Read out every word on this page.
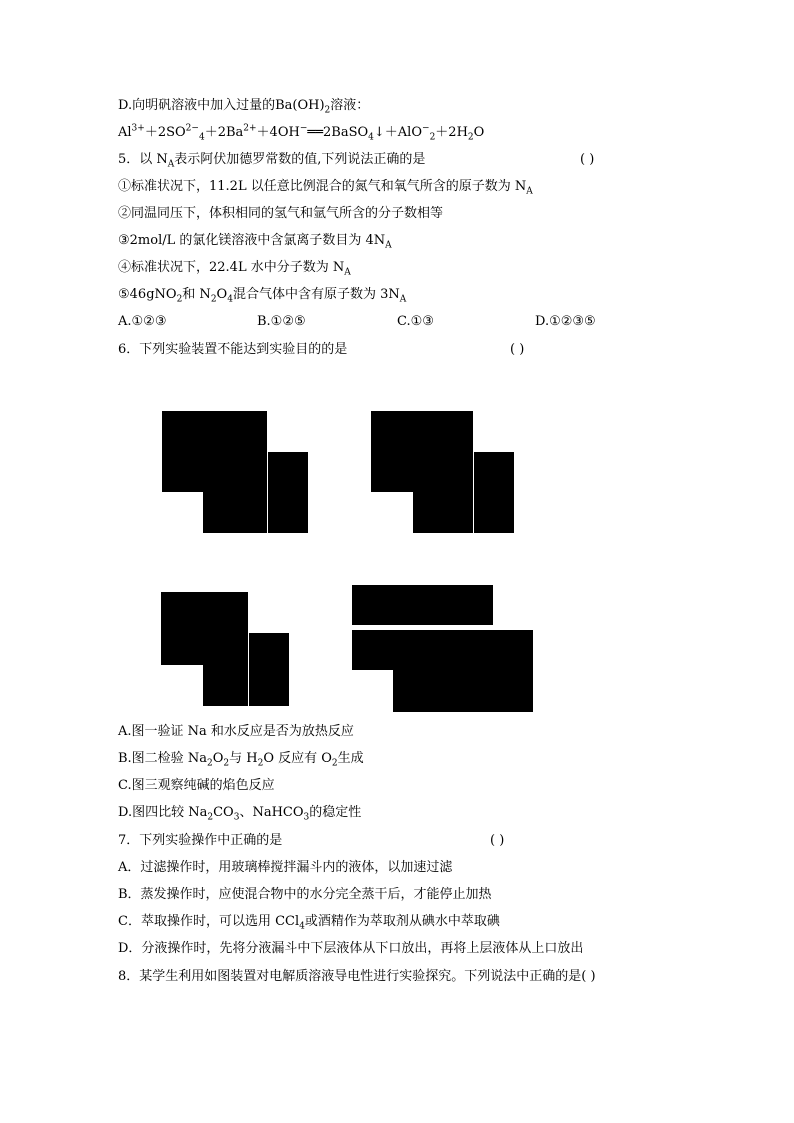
D.向明矾溶液中加入过量的$Ba(OH)_2$溶液：
$Al^{3+}+2SO^{2-}_4+2Ba^{2+}+4OH^-══2BaSO_4↓+AlO^-_2+2H_2O$
5．以 $N_A$表示阿伏加德罗常数的值,下列说法正确的是	( )
①标准状况下，11.2L 以任意比例混合的氮气和氧气所含的原子数为 $N_A$
②同温同压下，体积相同的氢气和氩气所含的分子数相等
③2mol/L 的氯化镁溶液中含氯离子数目为 $4N_A$
④标准状况下，22.4L 水中分子数为 $N_A$
⑤46gNO$_2$和 $N_2O_4$混合气体中含有原子数为 $3N_A$
A.①②③	B.①②⑤	C.①③	D.①②③⑤
6．下列实验装置不能达到实验目的的是	( )
A.图一验证 Na 和水反应是否为放热反应
B.图二检验 $Na_2O_2$与 $H_2O$ 反应有 $O_2$生成
C.图三观察纯碱的焰色反应
D.图四比较 $Na_2CO_3$、NaHCO$_3$的稳定性
7．下列实验操作中正确的是	( )
A．过滤操作时，用玻璃棒搅拌漏斗内的液体，以加速过滤
B．蒸发操作时，应使混合物中的水分完全蒸干后，才能停止加热
C．萃取操作时，可以选用 CCl$_4$或酒精作为萃取剂从碘水中萃取碘
D．分液操作时，先将分液漏斗中下层液体从下口放出，再将上层液体从上口放出
8．某学生利用如图装置对电解质溶液导电性进行实验探究。下列说法中正确的是( )
